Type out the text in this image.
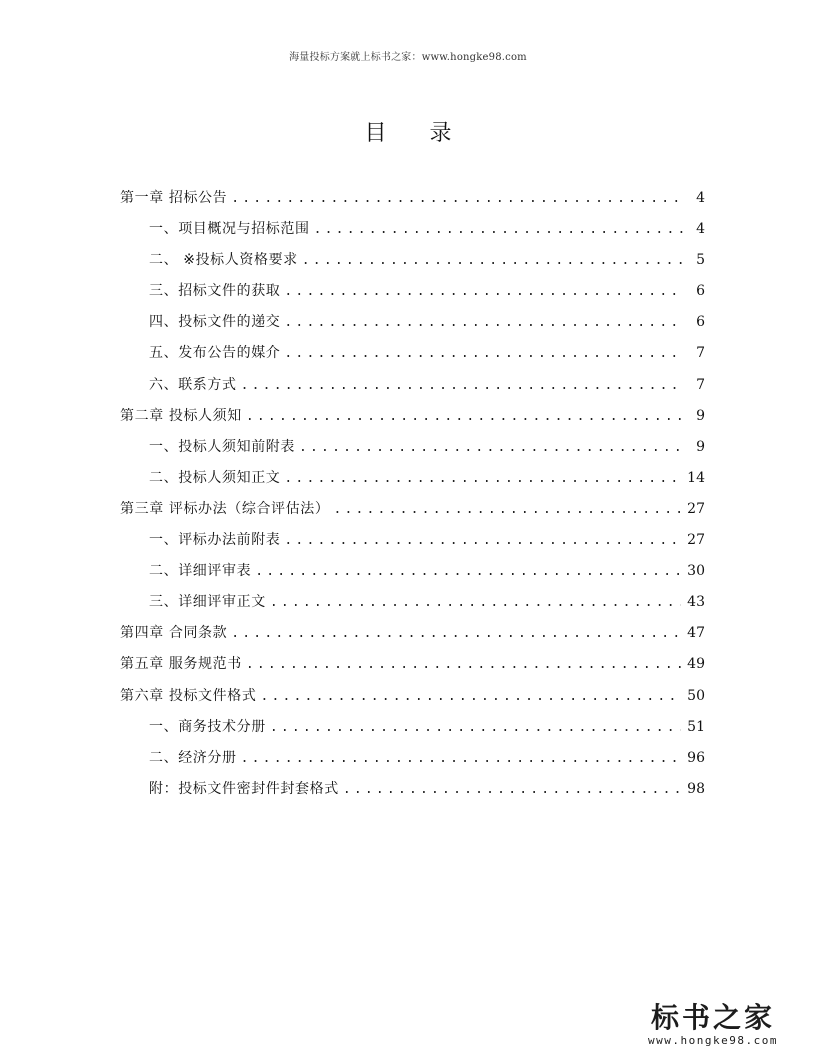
海量投标方案就上标书之家：www.hongke98.com
目 录
第一章 招标公告 .....	4
一、项目概况与招标范围 .....	4
二、 ※投标人资格要求 .....	5
三、招标文件的获取 .....	6
四、投标文件的递交 .....	6
五、发布公告的媒介 .....	7
六、联系方式 .....	7
第二章 投标人须知 .....	9
一、投标人须知前附表 .....	9
二、投标人须知正文 .....	14
第三章 评标办法（综合评估法） .....	27
一、评标办法前附表 .....	27
二、详细评审表 .....	30
三、详细评审正文 .....	43
第四章 合同条款 .....	47
第五章 服务规范书 .....	49
第六章 投标文件格式 .....	50
一、商务技术分册 .....	51
二、经济分册 .....	96
附：投标文件密封件封套格式 .....	98
标书之家
www.hongke98.com
